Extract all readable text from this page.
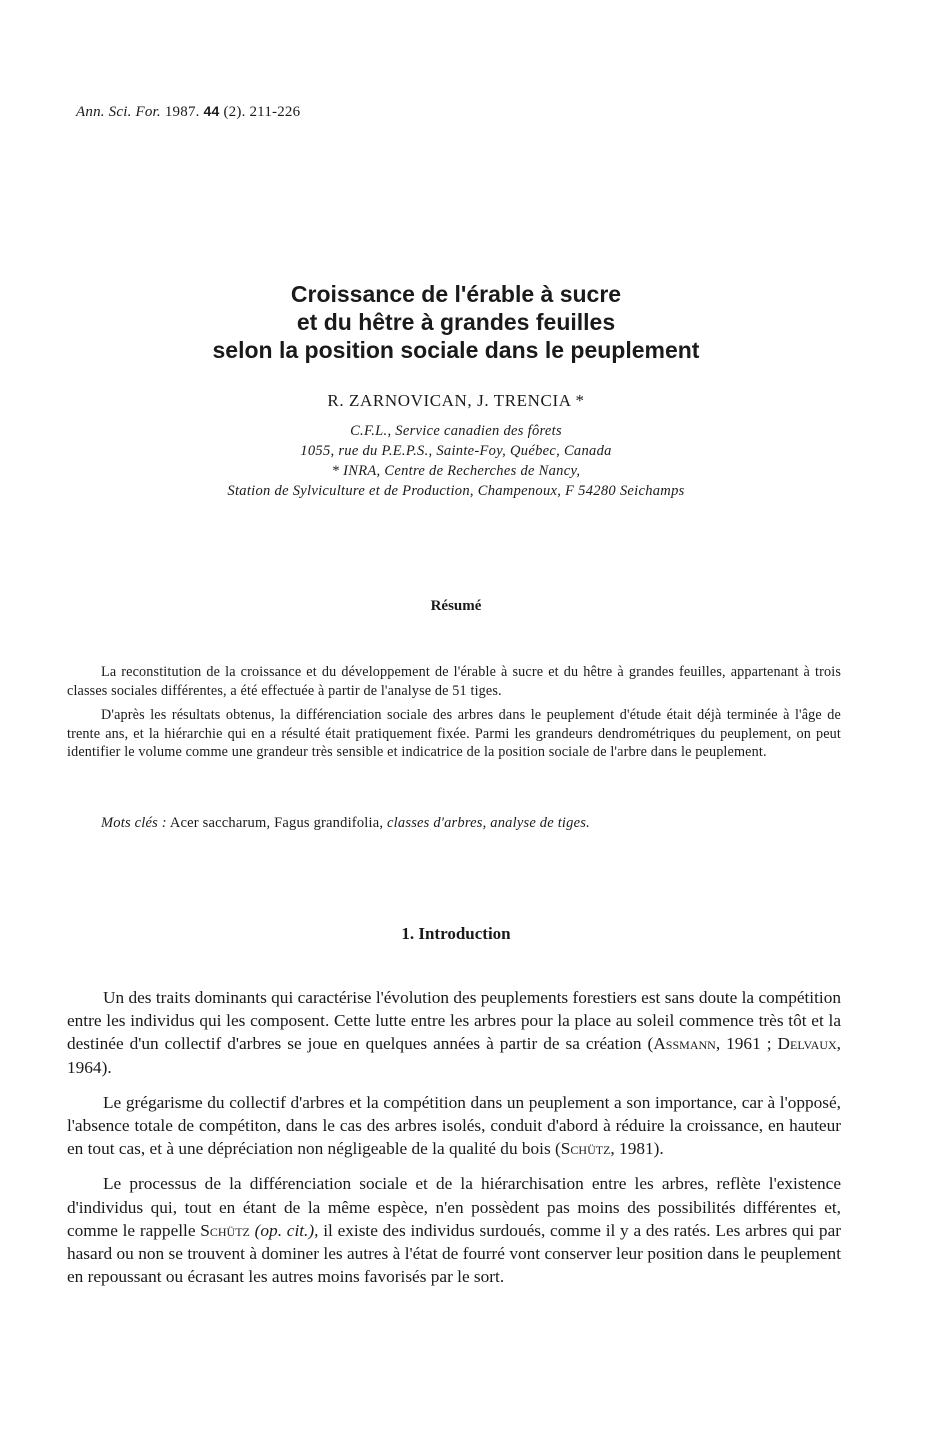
Ann. Sci. For. 1987. 44 (2). 211-226
Croissance de l'érable à sucre
et du hêtre à grandes feuilles
selon la position sociale dans le peuplement
R. ZARNOVICAN, J. TRENCIA *
C.F.L., Service canadien des fôrets
1055, rue du P.E.P.S., Sainte-Foy, Québec, Canada
* INRA, Centre de Recherches de Nancy,
Station de Sylviculture et de Production, Champenoux, F 54280 Seichamps
Résumé

La reconstitution de la croissance et du développement de l'érable à sucre et du hêtre à grandes feuilles, appartenant à trois classes sociales différentes, a été effectuée à partir de l'analyse de 51 tiges.

D'après les résultats obtenus, la différenciation sociale des arbres dans le peuplement d'étude était déjà terminée à l'âge de trente ans, et la hiérarchie qui en a résulté était pratiquement fixée. Parmi les grandeurs dendrométriques du peuplement, on peut identifier le volume comme une grandeur très sensible et indicatrice de la position sociale de l'arbre dans le peuplement.

Mots clés : Acer saccharum, Fagus grandifolia, classes d'arbres, analyse de tiges.
1. Introduction

Un des traits dominants qui caractérise l'évolution des peuplements forestiers est sans doute la compétition entre les individus qui les composent. Cette lutte entre les arbres pour la place au soleil commence très tôt et la destinée d'un collectif d'arbres se joue en quelques années à partir de sa création (Assmann, 1961 ; Delvaux, 1964).

Le grégarisme du collectif d'arbres et la compétition dans un peuplement a son importance, car à l'opposé, l'absence totale de compétiton, dans le cas des arbres isolés, conduit d'abord à réduire la croissance, en hauteur en tout cas, et à une dépréciation non négligeable de la qualité du bois (Schütz, 1981).

Le processus de la différenciation sociale et de la hiérarchisation entre les arbres, reflète l'existence d'individus qui, tout en étant de la même espèce, n'en possèdent pas moins des possibilités différentes et, comme le rappelle Schütz (op. cit.), il existe des individus surdoués, comme il y a des ratés. Les arbres qui par hasard ou non se trouvent à dominer les autres à l'état de fourré vont conserver leur position dans le peuplement en repoussant ou écrasant les autres moins favorisés par le sort.
